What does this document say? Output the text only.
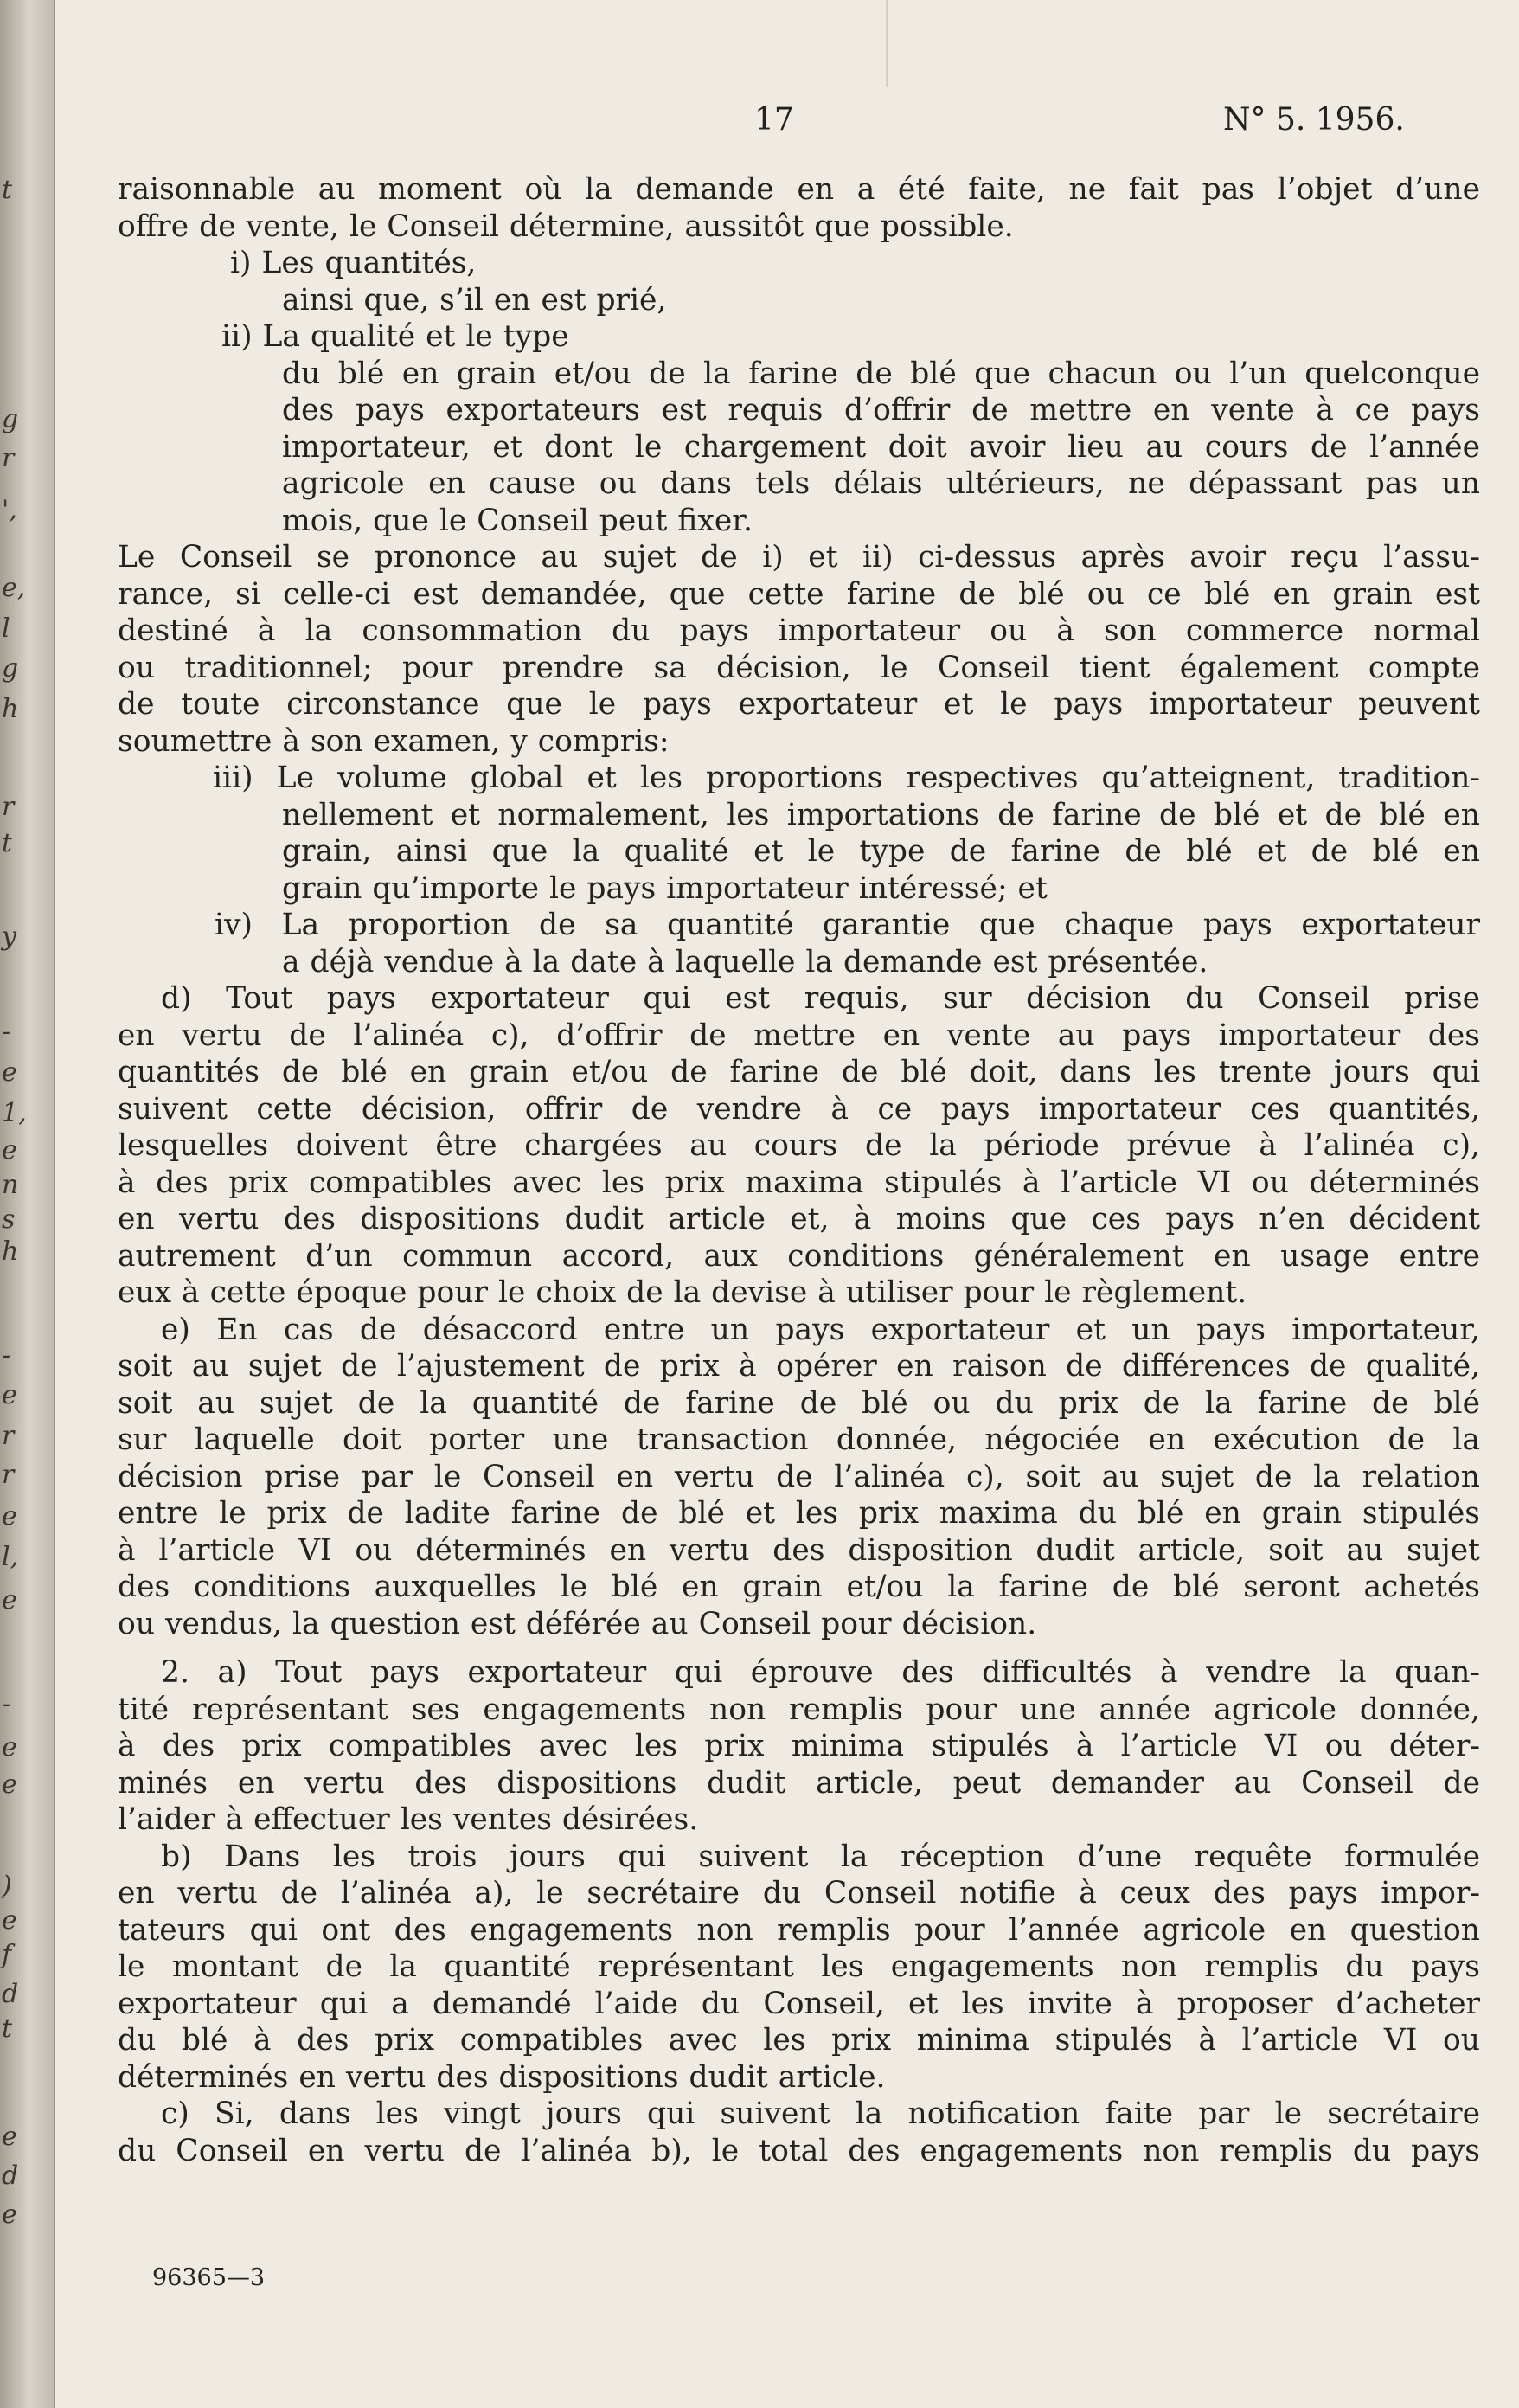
t
g
r
',
e,
l
g
h
r
t
y
-
e
1,
e
n
s
h
-
e
r
r
e
l,
e
-
e
e
)
e
f
d
t
e
d
e
17	N° 5. 1956.
raisonnable au moment où la demande en a été faite, ne fait pas l’objet d’une
offre de vente, le Conseil détermine, aussitôt que possible.
i) Les quantités,
ainsi que, s’il en est prié,
ii) La qualité et le type
du blé en grain et/ou de la farine de blé que chacun ou l’un quelconque
des pays exportateurs est requis d’offrir de mettre en vente à ce pays
importateur, et dont le chargement doit avoir lieu au cours de l’année
agricole en cause ou dans tels délais ultérieurs, ne dépassant pas un
mois, que le Conseil peut fixer.
Le Conseil se prononce au sujet de i) et ii) ci-dessus après avoir reçu l’assu-
rance, si celle-ci est demandée, que cette farine de blé ou ce blé en grain est
destiné à la consommation du pays importateur ou à son commerce normal
ou traditionnel; pour prendre sa décision, le Conseil tient également compte
de toute circonstance que le pays exportateur et le pays importateur peuvent
soumettre à son examen, y compris:
iii) Le volume global et les proportions respectives qu’atteignent, tradition-
nellement et normalement, les importations de farine de blé et de blé en
grain, ainsi que la qualité et le type de farine de blé et de blé en
grain qu’importe le pays importateur intéressé; et
iv) La proportion de sa quantité garantie que chaque pays exportateur
a déjà vendue à la date à laquelle la demande est présentée.
d) Tout pays exportateur qui est requis, sur décision du Conseil prise
en vertu de l’alinéa c), d’offrir de mettre en vente au pays importateur des
quantités de blé en grain et/ou de farine de blé doit, dans les trente jours qui
suivent cette décision, offrir de vendre à ce pays importateur ces quantités,
lesquelles doivent être chargées au cours de la période prévue à l’alinéa c),
à des prix compatibles avec les prix maxima stipulés à l’article VI ou déterminés
en vertu des dispositions dudit article et, à moins que ces pays n’en décident
autrement d’un commun accord, aux conditions généralement en usage entre
eux à cette époque pour le choix de la devise à utiliser pour le règlement.
e) En cas de désaccord entre un pays exportateur et un pays importateur,
soit au sujet de l’ajustement de prix à opérer en raison de différences de qualité,
soit au sujet de la quantité de farine de blé ou du prix de la farine de blé
sur laquelle doit porter une transaction donnée, négociée en exécution de la
décision prise par le Conseil en vertu de l’alinéa c), soit au sujet de la relation
entre le prix de ladite farine de blé et les prix maxima du blé en grain stipulés
à l’article VI ou déterminés en vertu des disposition dudit article, soit au sujet
des conditions auxquelles le blé en grain et/ou la farine de blé seront achetés
ou vendus, la question est déférée au Conseil pour décision.
2. a) Tout pays exportateur qui éprouve des difficultés à vendre la quan-
tité représentant ses engagements non remplis pour une année agricole donnée,
à des prix compatibles avec les prix minima stipulés à l’article VI ou déter-
minés en vertu des dispositions dudit article, peut demander au Conseil de
l’aider à effectuer les ventes désirées.
b) Dans les trois jours qui suivent la réception d’une requête formulée
en vertu de l’alinéa a), le secrétaire du Conseil notifie à ceux des pays impor-
tateurs qui ont des engagements non remplis pour l’année agricole en question
le montant de la quantité représentant les engagements non remplis du pays
exportateur qui a demandé l’aide du Conseil, et les invite à proposer d’acheter
du blé à des prix compatibles avec les prix minima stipulés à l’article VI ou
déterminés en vertu des dispositions dudit article.
c) Si, dans les vingt jours qui suivent la notification faite par le secrétaire
du Conseil en vertu de l’alinéa b), le total des engagements non remplis du pays
96365—3
